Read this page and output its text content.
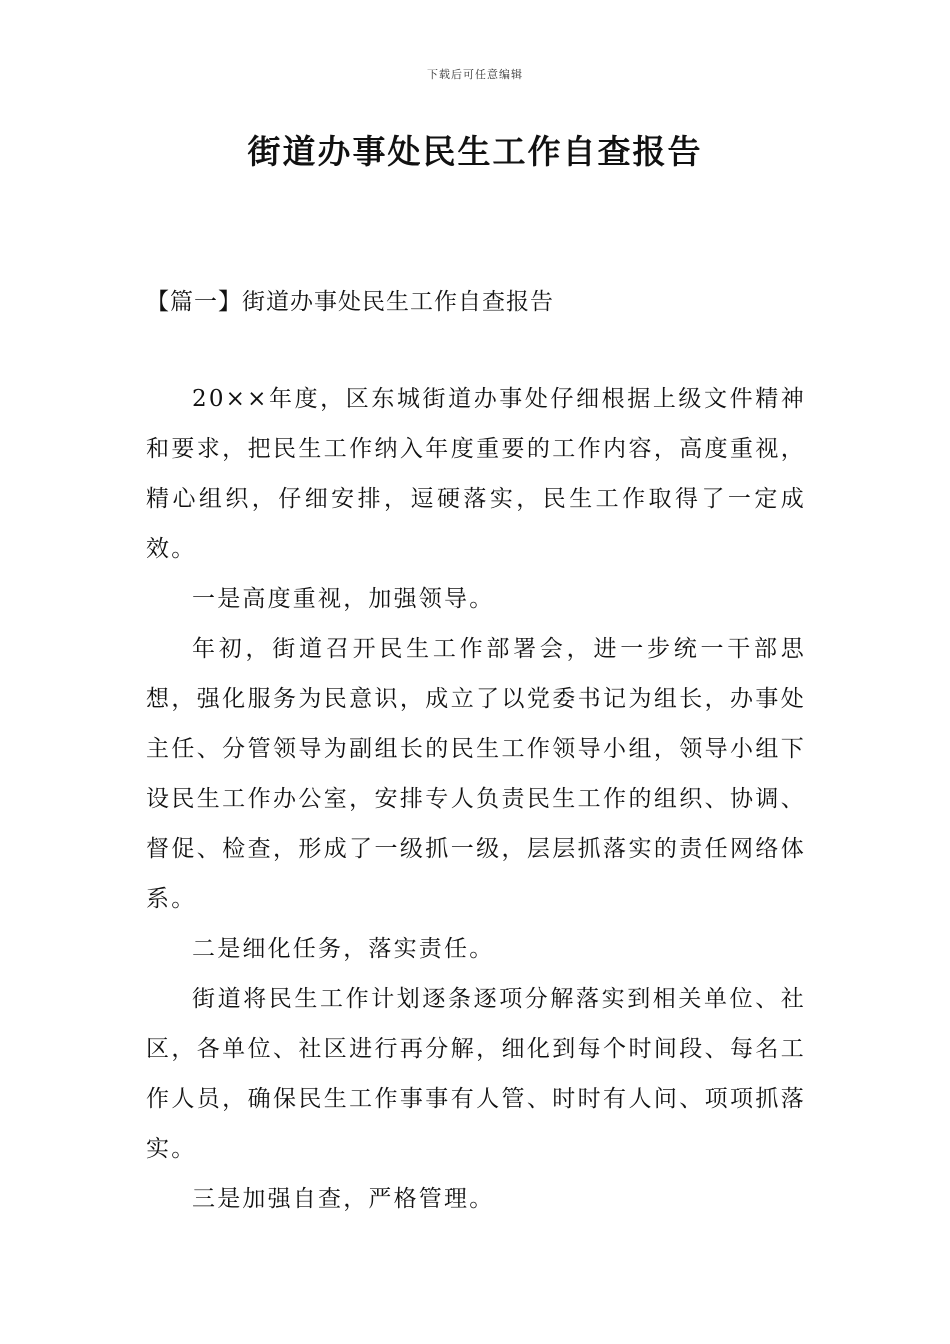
下载后可任意编辑
街道办事处民生工作自查报告
【篇一】街道办事处民生工作自查报告

20××年度，区东城街道办事处仔细根据上级文件精神和要求，把民生工作纳入年度重要的工作内容，高度重视，精心组织，仔细安排，逗硬落实，民生工作取得了一定成效。

一是高度重视，加强领导。

年初，街道召开民生工作部署会，进一步统一干部思想，强化服务为民意识，成立了以党委书记为组长，办事处主任、分管领导为副组长的民生工作领导小组，领导小组下设民生工作办公室，安排专人负责民生工作的组织、协调、督促、检查，形成了一级抓一级，层层抓落实的责任网络体系。

二是细化任务，落实责任。

街道将民生工作计划逐条逐项分解落实到相关单位、社区，各单位、社区进行再分解，细化到每个时间段、每名工作人员，确保民生工作事事有人管、时时有人问、项项抓落实。

三是加强自查，严格管理。
